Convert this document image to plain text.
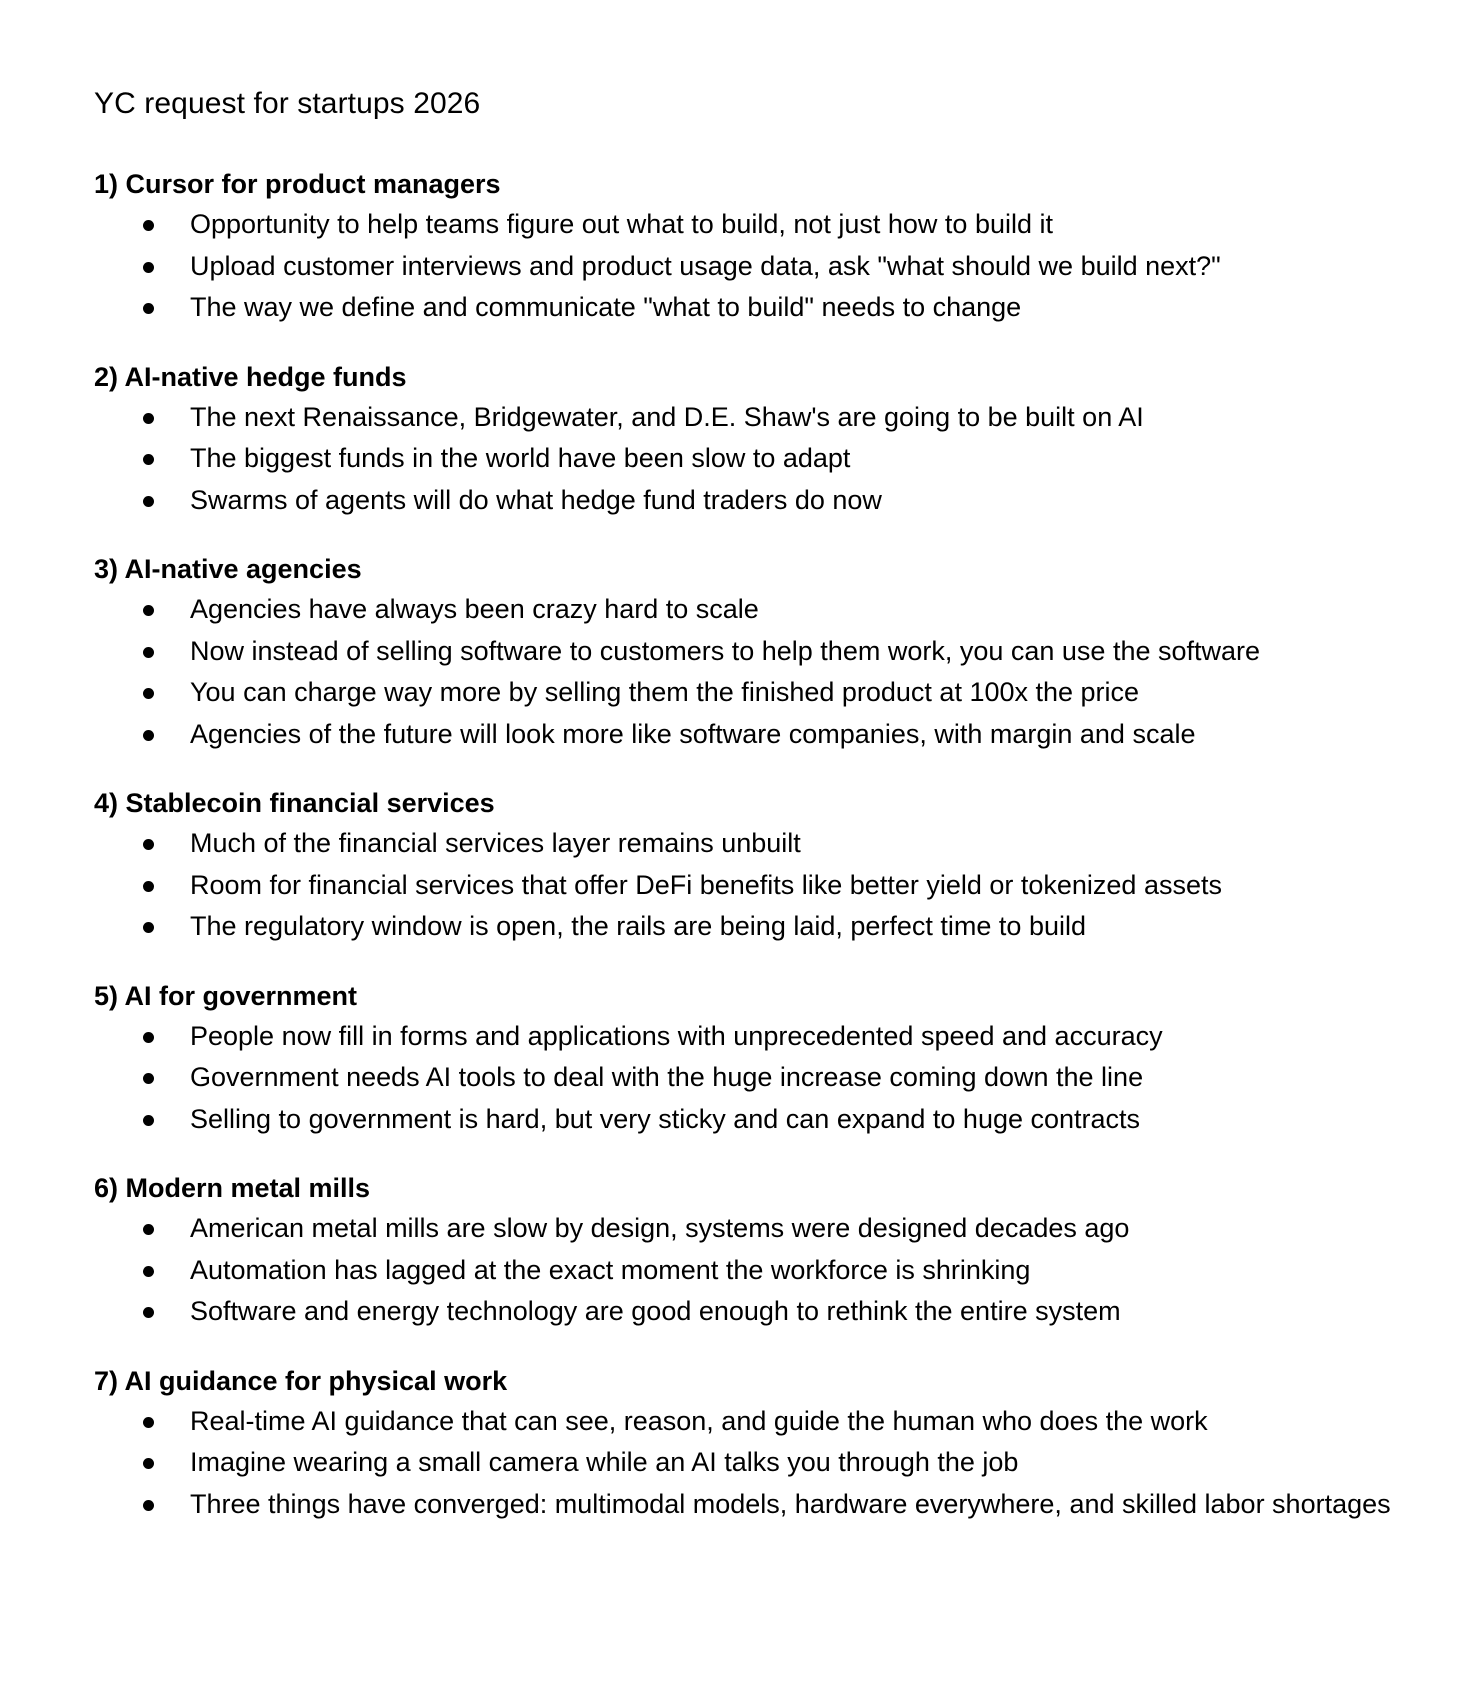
YC request for startups 2026
1) Cursor for product managers
Opportunity to help teams figure out what to build, not just how to build it
Upload customer interviews and product usage data, ask "what should we build next?"
The way we define and communicate "what to build" needs to change
2) AI-native hedge funds
The next Renaissance, Bridgewater, and D.E. Shaw's are going to be built on AI
The biggest funds in the world have been slow to adapt
Swarms of agents will do what hedge fund traders do now
3) AI-native agencies
Agencies have always been crazy hard to scale
Now instead of selling software to customers to help them work, you can use the software
You can charge way more by selling them the finished product at 100x the price
Agencies of the future will look more like software companies, with margin and scale
4) Stablecoin financial services
Much of the financial services layer remains unbuilt
Room for financial services that offer DeFi benefits like better yield or tokenized assets
The regulatory window is open, the rails are being laid, perfect time to build
5) AI for government
People now fill in forms and applications with unprecedented speed and accuracy
Government needs AI tools to deal with the huge increase coming down the line
Selling to government is hard, but very sticky and can expand to huge contracts
6) Modern metal mills
American metal mills are slow by design, systems were designed decades ago
Automation has lagged at the exact moment the workforce is shrinking
Software and energy technology are good enough to rethink the entire system
7) AI guidance for physical work
Real-time AI guidance that can see, reason, and guide the human who does the work
Imagine wearing a small camera while an AI talks you through the job
Three things have converged: multimodal models, hardware everywhere, and skilled labor shortages
